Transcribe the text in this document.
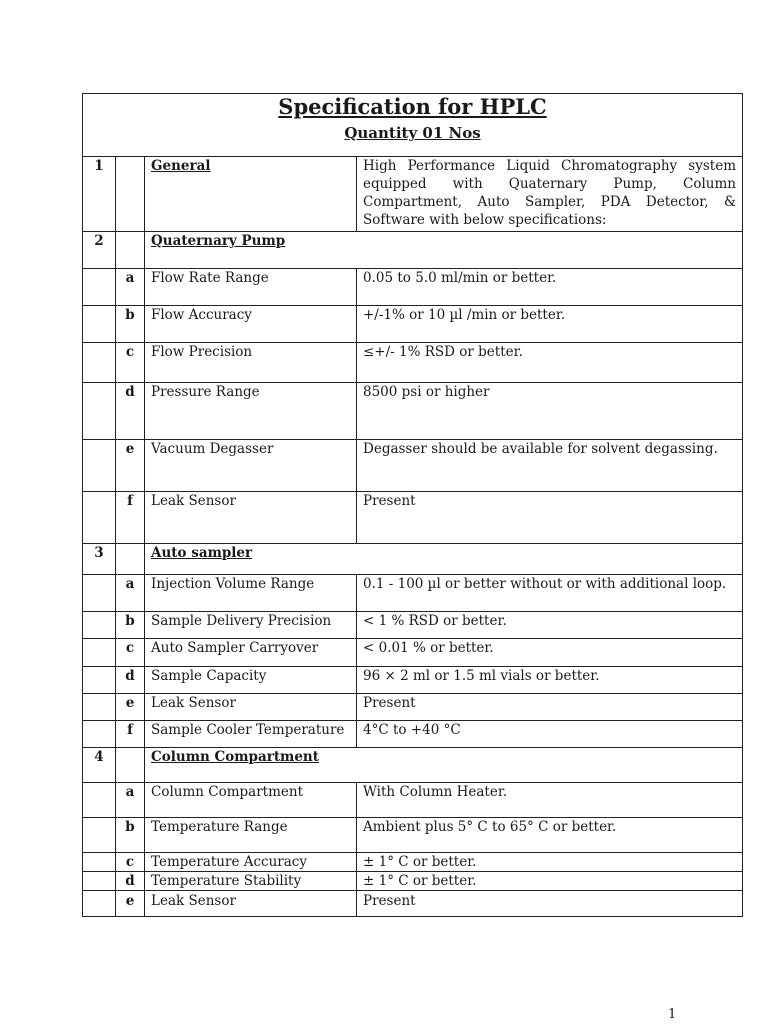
Specification for HPLC
Quantity 01 Nos			

1		General	High Performance Liquid Chromatography system equipped with Quaternary Pump, Column Compartment, Auto Sampler, PDA Detector, & Software with below specifications:
2		Quaternary Pump	
	a	Flow Rate Range	0.05 to 5.0 ml/min or better.
	b	Flow Accuracy	+/-1% or 10 µl /min or better.
	c	Flow Precision	≤+/- 1% RSD or better.
	d	Pressure Range	8500 psi or higher
	e	Vacuum Degasser	Degasser should be available for solvent degassing.
	f	Leak Sensor	Present
3		Auto sampler	
	a	Injection Volume Range	0.1 - 100 µl or better without or with additional loop.
	b	Sample Delivery Precision	< 1 % RSD or better.
	c	Auto Sampler Carryover	< 0.01 % or better.
	d	Sample Capacity	96 × 2 ml or 1.5 ml vials or better.
	e	Leak Sensor	Present
	f	Sample Cooler Temperature	4°C to +40 °C
4		Column Compartment	
	a	Column Compartment	With Column Heater.
	b	Temperature Range	Ambient plus 5° C to 65° C or better.
	c	Temperature Accuracy	± 1° C or better.
	d	Temperature Stability	± 1° C or better.
	e	Leak Sensor	Present
1
